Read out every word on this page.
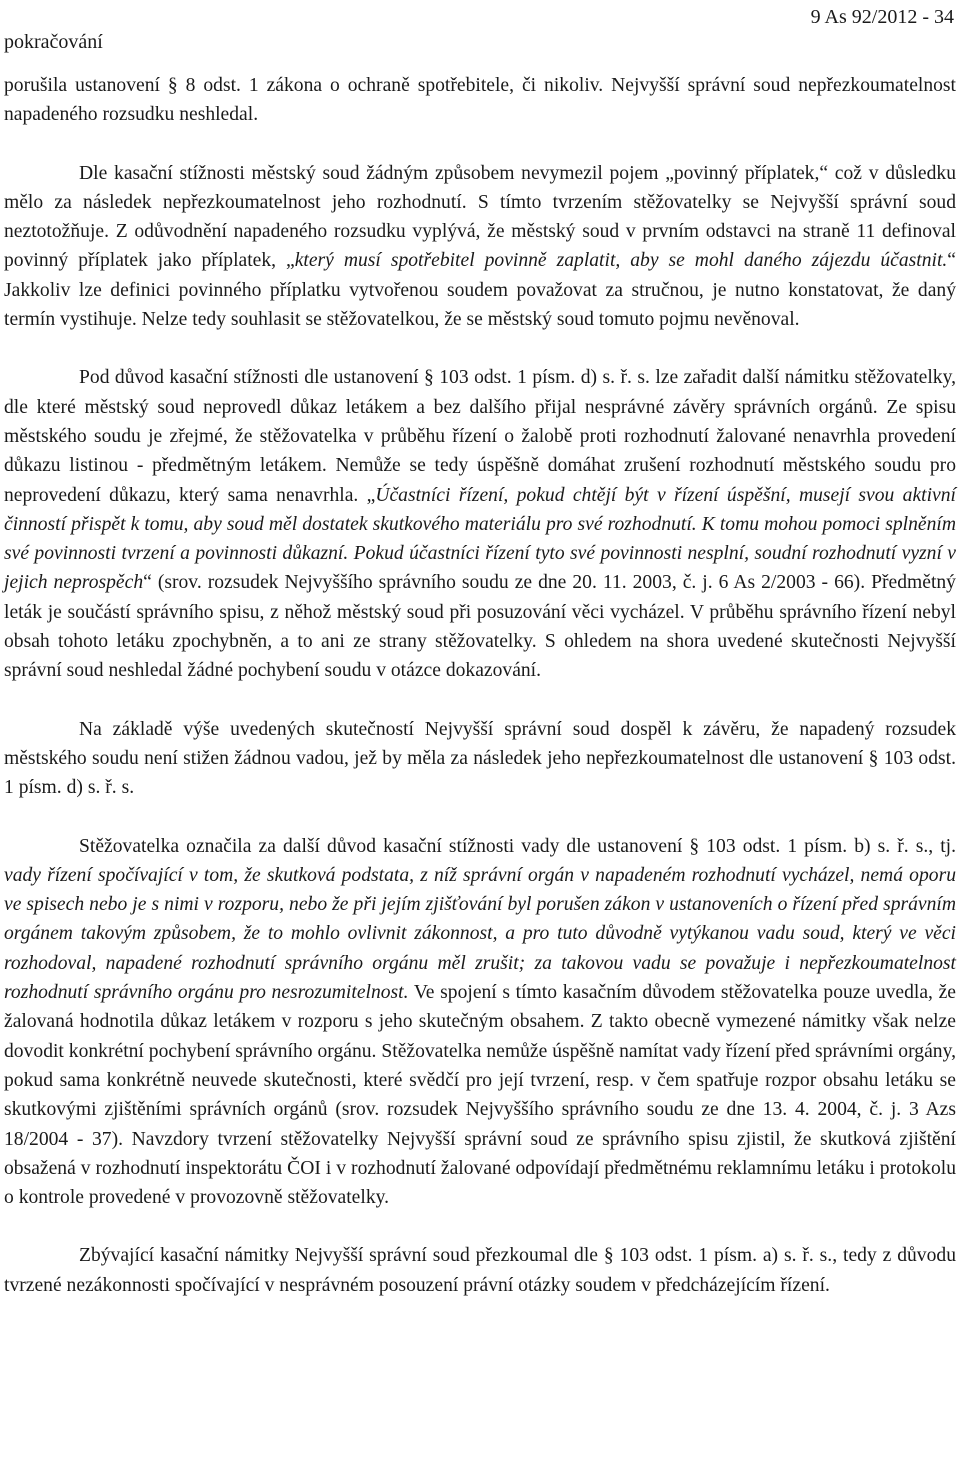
9 As 92/2012 - 34
pokračování

porušila ustanovení § 8 odst. 1 zákona o ochraně spotřebitele, či nikoliv. Nejvyšší správní soud nepřezkoumatelnost napadeného rozsudku neshledal.

Dle kasační stížnosti městský soud žádným způsobem nevymezil pojem „povinný příplatek,“ což v důsledku mělo za následek nepřezkoumatelnost jeho rozhodnutí. S tímto tvrzením stěžovatelky se Nejvyšší správní soud neztotožňuje. Z odůvodnění napadeného rozsudku vyplývá, že městský soud v prvním odstavci na straně 11 definoval povinný příplatek jako příplatek, „který musí spotřebitel povinně zaplatit, aby se mohl daného zájezdu účastnit.“ Jakkoliv lze definici povinného příplatku vytvořenou soudem považovat za stručnou, je nutno konstatovat, že daný termín vystihuje. Nelze tedy souhlasit se stěžovatelkou, že se městský soud tomuto pojmu nevěnoval.

Pod důvod kasační stížnosti dle ustanovení § 103 odst. 1 písm. d) s. ř. s. lze zařadit další námitku stěžovatelky, dle které městský soud neprovedl důkaz letákem a bez dalšího přijal nesprávné závěry správních orgánů. Ze spisu městského soudu je zřejmé, že stěžovatelka v průběhu řízení o žalobě proti rozhodnutí žalované nenavrhla provedení důkazu listinou - předmětným letákem. Nemůže se tedy úspěšně domáhat zrušení rozhodnutí městského soudu pro neprovedení důkazu, který sama nenavrhla. „Účastníci řízení, pokud chtějí být v řízení úspěšní, musejí svou aktivní činností přispět k tomu, aby soud měl dostatek skutkového materiálu pro své rozhodnutí. K tomu mohou pomoci splněním své povinnosti tvrzení a povinnosti důkazní. Pokud účastníci řízení tyto své povinnosti nesplní, soudní rozhodnutí vyzní v jejich neprospěch“ (srov. rozsudek Nejvyššího správního soudu ze dne 20. 11. 2003, č. j. 6 As 2/2003 - 66). Předmětný leták je součástí správního spisu, z něhož městský soud při posuzování věci vycházel. V průběhu správního řízení nebyl obsah tohoto letáku zpochybněn, a to ani ze strany stěžovatelky. S ohledem na shora uvedené skutečnosti Nejvyšší správní soud neshledal žádné pochybení soudu v otázce dokazování.

Na základě výše uvedených skutečností Nejvyšší správní soud dospěl k závěru, že napadený rozsudek městského soudu není stižen žádnou vadou, jež by měla za následek jeho nepřezkoumatelnost dle ustanovení § 103 odst. 1 písm. d) s. ř. s.

Stěžovatelka označila za další důvod kasační stížnosti vady dle ustanovení § 103 odst. 1 písm. b) s. ř. s., tj. vady řízení spočívající v tom, že skutková podstata, z níž správní orgán v napadeném rozhodnutí vycházel, nemá oporu ve spisech nebo je s nimi v rozporu, nebo že při jejím zjišťování byl porušen zákon v ustanoveních o řízení před správním orgánem takovým způsobem, že to mohlo ovlivnit zákonnost, a pro tuto důvodně vytýkanou vadu soud, který ve věci rozhodoval, napadené rozhodnutí správního orgánu měl zrušit; za takovou vadu se považuje i nepřezkoumatelnost rozhodnutí správního orgánu pro nesrozumitelnost. Ve spojení s tímto kasačním důvodem stěžovatelka pouze uvedla, že žalovaná hodnotila důkaz letákem v rozporu s jeho skutečným obsahem. Z takto obecně vymezené námitky však nelze dovodit konkrétní pochybení správního orgánu. Stěžovatelka nemůže úspěšně namítat vady řízení před správními orgány, pokud sama konkrétně neuvede skutečnosti, které svědčí pro její tvrzení, resp. v čem spatřuje rozpor obsahu letáku se skutkovými zjištěními správních orgánů (srov. rozsudek Nejvyššího správního soudu ze dne 13. 4. 2004, č. j. 3 Azs 18/2004 - 37). Navzdory tvrzení stěžovatelky Nejvyšší správní soud ze správního spisu zjistil, že skutková zjištění obsažená v rozhodnutí inspektorátu ČOI i v rozhodnutí žalované odpovídají předmětnému reklamnímu letáku i protokolu o kontrole provedené v provozovně stěžovatelky.

Zbývající kasační námitky Nejvyšší správní soud přezkoumal dle § 103 odst. 1 písm. a) s. ř. s., tedy z důvodu tvrzené nezákonnosti spočívající v nesprávném posouzení právní otázky soudem v předcházejícím řízení.
